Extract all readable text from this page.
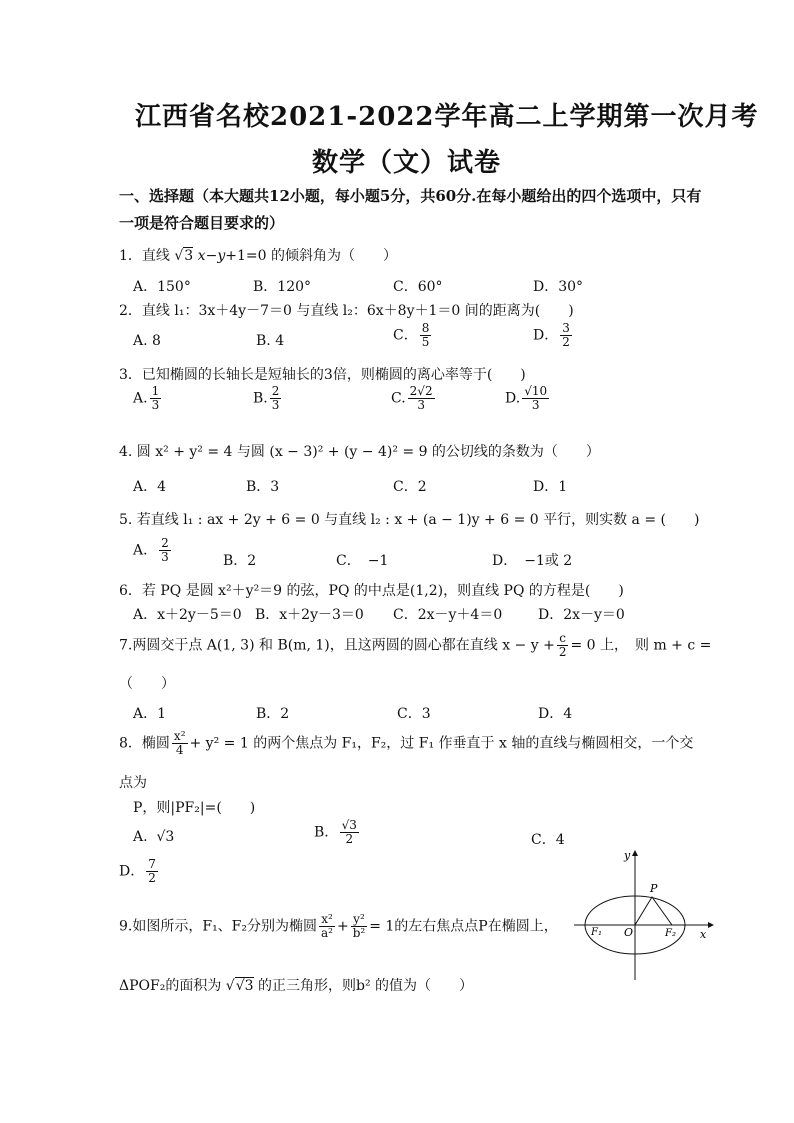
江西省名校2021-2022学年高二上学期第一次月考
数学（文）试卷
一、选择题（本大题共12小题，每小题5分，共60分.在每小题给出的四个选项中，只有
一项是符合题目要求的）
1．直线 √3 x−y+1=0 的倾斜角为（　　）
A．150°	B．120°	C．60°	D．30°
2．直线 l₁：3x＋4y－7＝0 与直线 l₂：6x＋8y＋1＝0 间的距离为(　　)
A. 8	B. 4	C． $\frac{8}{5}$	D． $\frac{3}{2}$
3．已知椭圆的长轴长是短轴长的3倍，则椭圆的离心率等于(　　)
A. $\frac{1}{3}$	B. $\frac{2}{3}$	C. $\frac{2√2}{3}$	D. $\frac{√10}{3}$
4. 圆 x² + y² = 4 与圆 (x − 3)² + (y − 4)² = 9 的公切线的条数为（　　）
A．4	B．3	C．2	D．1
5. 若直线 l₁ : ax + 2y + 6 = 0 与直线 l₂ : x + (a − 1)y + 6 = 0 平行，则实数 a = (　　)
A． $\frac{2}{3}$	B．2	C．　−1	D．　−1或 2
6．若 PQ 是圆 x²＋y²＝9 的弦，PQ 的中点是(1,2)，则直线 PQ 的方程是(　　)
A．x＋2y－5＝0 B．x＋2y－3＝0 C．2x－y＋4＝0	D．2x－y＝0
7.两圆交于点 A(1, 3) 和 B(m, 1)，且这两圆的圆心都在直线 $x - y + \frac{c}{2} = 0$ 上，　则 m + c =
（　　）
A．1	B．2	C．3	D．4
8．椭圆 $\frac{\text{x²}}{4} + y^2 = 1$ 的两个焦点为 F₁，F₂，过 F₁ 作垂直于 x 轴的直线与椭圆相交，一个交
点为
P，则|PF₂|=(　　)
A. √3	B. $\frac{√3}{2}$	C．4
D． $\frac{7}{2}$
9.如图所示，F₁、F₂分别为椭圆 $\frac{\text{x²}}{\text{a²}} + \frac{\text{y²}}{\text{b²}} = 1$的左右焦点点P在椭圆上，
ΔPOF₂的面积为 √√3 的正三角形，则b² 的值为（　　）
y
x
P
O
F₁	F₂
